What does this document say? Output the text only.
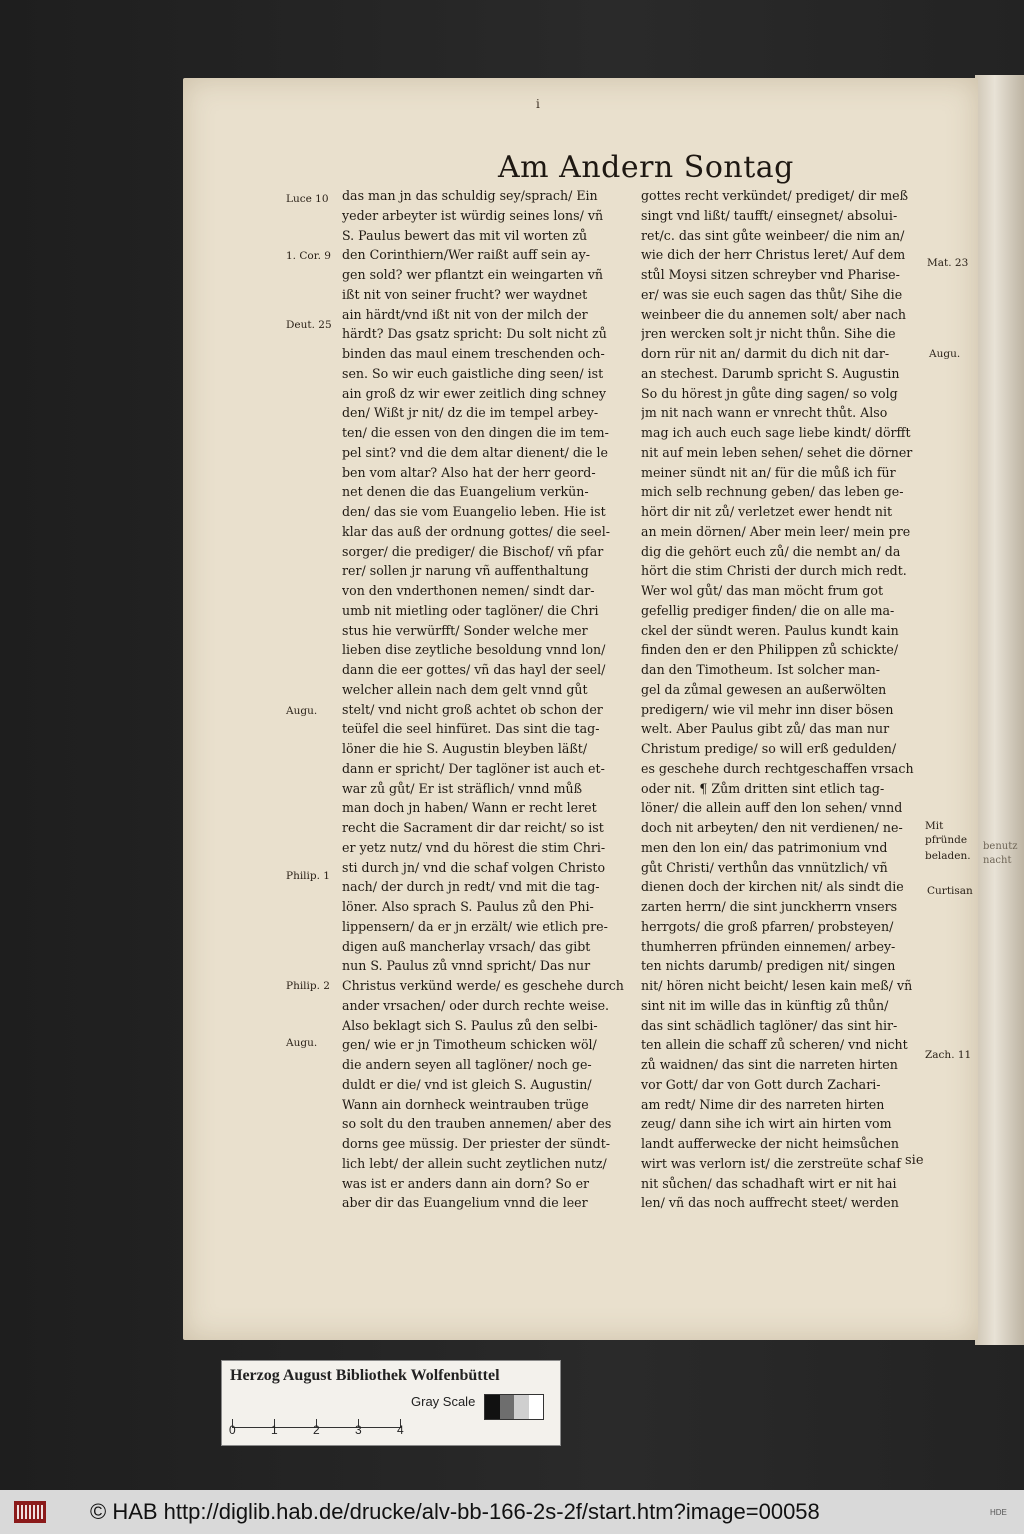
benutz
nacht
i
Am Andern Sontag
das man jn das schuldig sey/sprach/ Ein
yeder arbeyter ist würdig seines lons/ vñ
S. Paulus bewert das mit vil worten zů
den Corinthiern/Wer raißt auff sein ay-
gen sold? wer pflantzt ein weingarten vñ
ißt nit von seiner frucht? wer waydnet
ain härdt/vnd ißt nit von der milch der
härdt? Das gsatz spricht: Du solt nicht zů
binden das maul einem treschenden och-
sen. So wir euch gaistliche ding seen/ ist
ain groß dz wir ewer zeitlich ding schney
den/ Wißt jr nit/ dz die im tempel arbey-
ten/ die essen von den dingen die im tem-
pel sint? vnd die dem altar dienent/ die le
ben vom altar? Also hat der herr geord-
net denen die das Euangelium verkün-
den/ das sie vom Euangelio leben. Hie ist
klar das auß der ordnung gottes/ die seel-
sorger/ die prediger/ die Bischof/ vñ pfar
rer/ sollen jr narung vñ auffenthaltung
von den vnderthonen nemen/ sindt dar-
umb nit mietling oder taglöner/ die Chri
stus hie verwürfft/ Sonder welche mer
lieben dise zeytliche besoldung vnnd lon/
dann die eer gottes/ vñ das hayl der seel/
welcher allein nach dem gelt vnnd gůt
stelt/ vnd nicht groß achtet ob schon der
teüfel die seel hinfüret. Das sint die tag-
löner die hie S. Augustin bleyben läßt/
dann er spricht/ Der taglöner ist auch et-
war zů gůt/ Er ist sträflich/ vnnd můß
man doch jn haben/ Wann er recht leret
recht die Sacrament dir dar reicht/ so ist
er yetz nutz/ vnd du hörest die stim Chri-
sti durch jn/ vnd die schaf volgen Christo
nach/ der durch jn redt/ vnd mit die tag-
löner. Also sprach S. Paulus zů den Phi-
lippensern/ da er jn erzält/ wie etlich pre-
digen auß mancherlay vrsach/ das gibt
nun S. Paulus zů vnnd spricht/ Das nur
Christus verkünd werde/ es geschehe durch
ander vrsachen/ oder durch rechte weise.
Also beklagt sich S. Paulus zů den selbi-
gen/ wie er jn Timotheum schicken wöl/
die andern seyen all taglöner/ noch ge-
duldt er die/ vnd ist gleich S. Augustin/
Wann ain dornheck weintrauben trüge
so solt du den trauben annemen/ aber des
dorns gee müssig. Der priester der sündt-
lich lebt/ der allein sucht zeytlichen nutz/
was ist er anders dann ain dorn? So er
aber dir das Euangelium vnnd die leer
gottes recht verkündet/ prediget/ dir meß
singt vnd lißt/ taufft/ einsegnet/ absolui-
ret/c. das sint gůte weinbeer/ die nim an/
wie dich der herr Christus leret/ Auf dem
stůl Moysi sitzen schreyber vnd Pharise-
er/ was sie euch sagen das thůt/ Sihe die
weinbeer die du annemen solt/ aber nach
jren wercken solt jr nicht thůn. Sihe die
dorn rür nit an/ darmit du dich nit dar-
an stechest. Darumb spricht S. Augustin
So du hörest jn gůte ding sagen/ so volg
jm nit nach wann er vnrecht thůt. Also
mag ich auch euch sage liebe kindt/ dörfft
nit auf mein leben sehen/ sehet die dörner
meiner sündt nit an/ für die můß ich für
mich selb rechnung geben/ das leben ge-
hört dir nit zů/ verletzet ewer hendt nit
an mein dörnen/ Aber mein leer/ mein pre
dig die gehört euch zů/ die nembt an/ da
hört die stim Christi der durch mich redt.
Wer wol gůt/ das man möcht frum got
gefellig prediger finden/ die on alle ma-
ckel der sündt weren. Paulus kundt kain
finden den er den Philippen zů schickte/
dan den Timotheum. Ist solcher man-
gel da zůmal gewesen an außerwölten
predigern/ wie vil mehr inn diser bösen
welt. Aber Paulus gibt zů/ das man nur
Christum predige/ so will erß gedulden/
es geschehe durch rechtgeschaffen vrsach
oder nit. ¶ Zům dritten sint etlich tag-
löner/ die allein auff den lon sehen/ vnnd
doch nit arbeyten/ den nit verdienen/ ne-
men den lon ein/ das patrimonium vnd
gůt Christi/ verthůn das vnnützlich/ vñ
dienen doch der kirchen nit/ als sindt die
zarten herrn/ die sint junckherrn vnsers
herrgots/ die groß pfarren/ probsteyen/
thumherren pfründen einnemen/ arbey-
ten nichts darumb/ predigen nit/ singen
nit/ hören nicht beicht/ lesen kain meß/ vñ
sint nit im wille das in künftig zů thůn/
das sint schädlich taglöner/ das sint hir-
ten allein die schaff zů scheren/ vnd nicht
zů waidnen/ das sint die narreten hirten
vor Gott/ dar von Gott durch Zachari-
am redt/ Nime dir des narreten hirten
zeug/ dann sihe ich wirt ain hirten vom
landt aufferwecke der nicht heimsůchen
wirt was verlorn ist/ die zerstreüte schaf
nit sůchen/ das schadhaft wirt er nit hai
len/ vñ das noch auffrecht steet/ werden
Luce 10
1. Cor. 9
Deut. 25
Augu.
Philip. 1
Philip. 2
Augu.
Mat. 23
Augu.
Mit
pfründe
beladen.
Curtisan
Zach. 11
sie
Herzog August Bibliothek Wolfenbüttel
Gray Scale
0	1	2	3	4
© HAB http://diglib.hab.de/drucke/alv-bb-166-2s-2f/start.htm?image=00058	HDE
